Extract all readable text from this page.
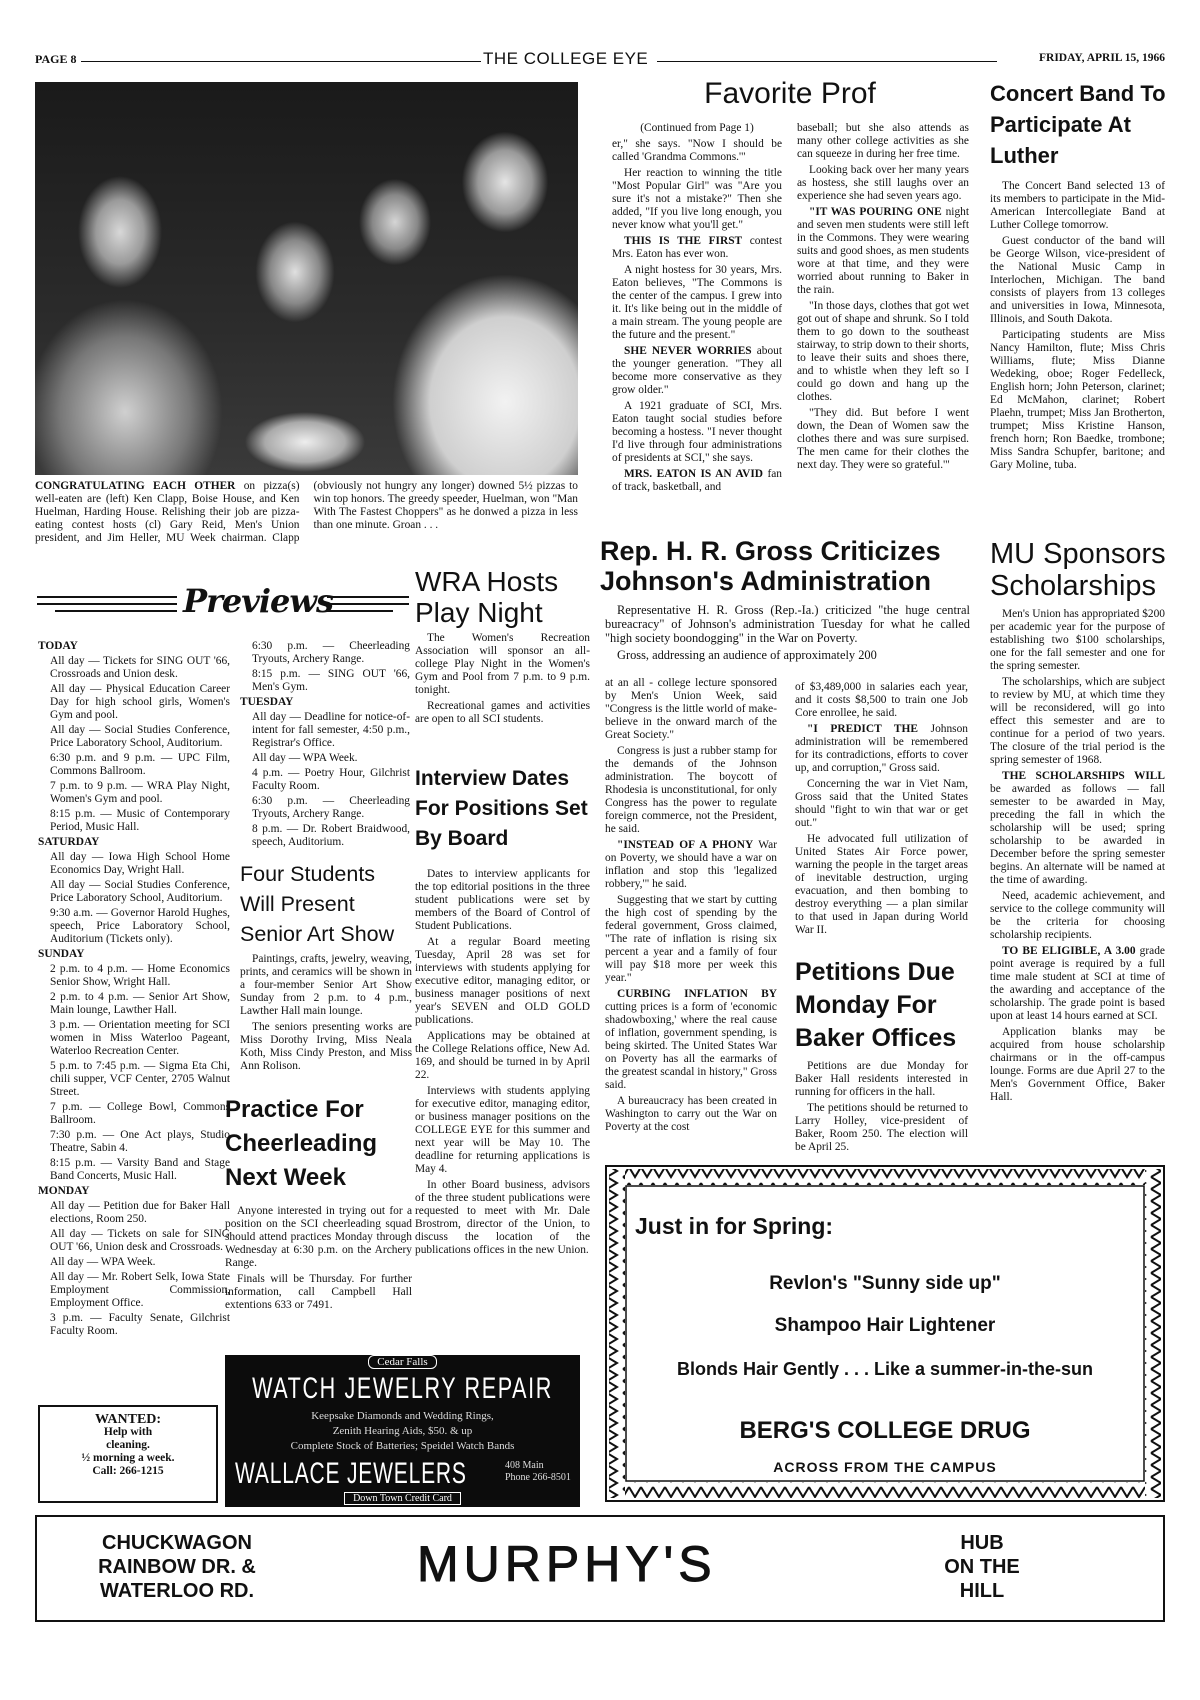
PAGE 8	THE COLLEGE EYE	FRIDAY, APRIL 15, 1966

CONGRATULATING EACH OTHER on pizza(s) well-eaten are (left) Ken Clapp, Boise House, and Ken Huelman, Harding House. Relishing their job are pizza-eating contest hosts (cl) Gary Reid, Men's Union president, and Jim Heller, MU Week chairman. Clapp (obviously not hungry any longer) downed 5½ pizzas to win top honors. The greedy speeder, Huelman, won "Man With The Fastest Choppers" as he donwed a pizza in less than one minute. Groan . . .

Favorite Prof

(Continued from Page 1)

er," she says. "Now I should be called 'Grandma Commons.'"

Her reaction to winning the title "Most Popular Girl" was "Are you sure it's not a mistake?" Then she added, "If you live long enough, you never know what you'll get."

THIS IS THE FIRST contest Mrs. Eaton has ever won.

A night hostess for 30 years, Mrs. Eaton believes, "The Commons is the center of the campus. I grew into it. It's like being out in the middle of a main stream. The young people are the future and the present."

SHE NEVER WORRIES about the younger generation. "They all become more conservative as they grow older."

A 1921 graduate of SCI, Mrs. Eaton taught social studies before becoming a hostess. "I never thought I'd live through four administrations of presidents at SCI," she says.

MRS. EATON IS AN AVID fan of track, basketball, and

baseball; but she also attends as many other college activities as she can squeeze in during her free time.

Looking back over her many years as hostess, she still laughs over an experience she had seven years ago.

"IT WAS POURING ONE night and seven men students were still left in the Commons. They were wearing suits and good shoes, as men students wore at that time, and they were worried about running to Baker in the rain.

"In those days, clothes that got wet got out of shape and shrunk. So I told them to go down to the southeast stairway, to strip down to their shorts, to leave their suits and shoes there, and to whistle when they left so I could go down and hang up the clothes.

"They did. But before I went down, the Dean of Women saw the clothes there and was sure surpised. The men came for their clothes the next day. They were so grateful.'"

Concert Band To Participate At Luther

The Concert Band selected 13 of its members to participate in the Mid-American Intercollegiate Band at Luther College tomorrow.

Guest conductor of the band will be George Wilson, vice-president of the National Music Camp in Interlochen, Michigan. The band consists of players from 13 colleges and universities in Iowa, Minnesota, Illinois, and South Dakota.

Participating students are Miss Nancy Hamilton, flute; Miss Chris Williams, flute; Miss Dianne Wedeking, oboe; Roger Fedelleck, English horn; John Peterson, clarinet; Ed McMahon, clarinet; Robert Plaehn, trumpet; Miss Jan Brotherton, trumpet; Miss Kristine Hanson, french horn; Ron Baedke, trombone; Miss Sandra Schupfer, baritone; and Gary Moline, tuba.

Previews
TODAY
All day — Tickets for SING OUT '66, Crossroads and Union desk.
All day — Physical Education Career Day for high school girls, Women's Gym and pool.
All day — Social Studies Conference, Price Laboratory School, Auditorium.
6:30 p.m. and 9 p.m. — UPC Film, Commons Ballroom.
7 p.m. to 9 p.m. — WRA Play Night, Women's Gym and pool.
8:15 p.m. — Music of Contemporary Period, Music Hall.
SATURDAY
All day — Iowa High School Home Economics Day, Wright Hall.
All day — Social Studies Conference, Price Laboratory School, Auditorium.
9:30 a.m. — Governor Harold Hughes, speech, Price Laboratory School, Auditorium (Tickets only).
SUNDAY
2 p.m. to 4 p.m. — Home Economics Senior Show, Wright Hall.
2 p.m. to 4 p.m. — Senior Art Show, Main lounge, Lawther Hall.
3 p.m. — Orientation meeting for SCI women in Miss Waterloo Pageant, Waterloo Recreation Center.
5 p.m. to 7:45 p.m. — Sigma Eta Chi, chili supper, VCF Center, 2705 Walnut Street.
7 p.m. — College Bowl, Commons Ballroom.
7:30 p.m. — One Act plays, Studio Theatre, Sabin 4.
8:15 p.m. — Varsity Band and Stage Band Concerts, Music Hall.
MONDAY
All day — Petition due for Baker Hall elections, Room 250.
All day — Tickets on sale for SING OUT '66, Union desk and Crossroads.
All day — WPA Week.
All day — Mr. Robert Selk, Iowa State Employment Commission, Employment Office.
3 p.m. — Faculty Senate, Gilchrist Faculty Room.
6:30 p.m. — Cheerleading Tryouts, Archery Range.
8:15 p.m. — SING OUT '66, Men's Gym.
TUESDAY
All day — Deadline for notice-of-intent for fall semester, 4:50 p.m., Registrar's Office.
All day — WPA Week.
4 p.m. — Poetry Hour, Gilchrist Faculty Room.
6:30 p.m. — Cheerleading Tryouts, Archery Range.
8 p.m. — Dr. Robert Braidwood, speech, Auditorium.
Four Students Will Present Senior Art Show

Paintings, crafts, jewelry, weaving, prints, and ceramics will be shown in a four-member Senior Art Show Sunday from 2 p.m. to 4 p.m., Lawther Hall main lounge.

The seniors presenting works are Miss Dorothy Irving, Miss Neala Koth, Miss Cindy Preston, and Miss Ann Rolison.

Practice For Cheerleading Next Week

Anyone interested in trying out for a position on the SCI cheerleading squad should attend practices Monday through Wednesday at 6:30 p.m. on the Archery Range.

Finals will be Thursday. For further information, call Campbell Hall extentions 633 or 7491.

WRA Hosts Play Night

The Women's Recreation Association will sponsor an all-college Play Night in the Women's Gym and Pool from 7 p.m. to 9 p.m. tonight.

Recreational games and activities are open to all SCI students.

Interview Dates For Positions Set By Board

Dates to interview applicants for the top editorial positions in the three student publications were set by members of the Board of Control of Student Publications.

At a regular Board meeting Tuesday, April 28 was set for interviews with students applying for executive editor, managing editor, or business manager positions of next year's SEVEN and OLD GOLD publications.

Applications may be obtained at the College Relations office, New Ad. 169, and should be turned in by April 22.

Interviews with students applying for executive editor, managing editor, or business manager positions on the COLLEGE EYE for this summer and next year will be May 10. The deadline for returning applications is May 4.

In other Board business, advisors of the three student publications were requested to meet with Mr. Dale Brostrom, director of the Union, to discuss the location of the publications offices in the new Union.

Rep. H. R. Gross Criticizes Johnson's Administration

Representative H. R. Gross (Rep.-Ia.) criticized "the huge central bureacracy" of Johnson's administration Tuesday for what he called "high society boondogging" in the War on Poverty.

Gross, addressing an audience of approximately 200

at an all - college lecture sponsored by Men's Union Week, said "Congress is the little world of make-believe in the onward march of the Great Society."

Congress is just a rubber stamp for the demands of the Johnson administration. The boycott of Rhodesia is unconstitutional, for only Congress has the power to regulate foreign commerce, not the President, he said.

"INSTEAD OF A PHONY War on Poverty, we should have a war on inflation and stop this 'legalized robbery,'" he said.

Suggesting that we start by cutting the high cost of spending by the federal government, Gross claimed, "The rate of inflation is rising six percent a year and a family of four will pay $18 more per week this year."

CURBING INFLATION BY cutting prices is a form of 'economic shadowboxing,' where the real cause of inflation, government spending, is being skirted. The United States War on Poverty has all the earmarks of the greatest scandal in history," Gross said.

A bureaucracy has been created in Washington to carry out the War on Poverty at the cost

of $3,489,000 in salaries each year, and it costs $8,500 to train one Job Core enrollee, he said.

"I PREDICT THE Johnson administration will be remembered for its contradictions, efforts to cover up, and corruption," Gross said.

Concerning the war in Viet Nam, Gross said that the United States should "fight to win that war or get out."

He advocated full utilization of United States Air Force power, warning the people in the target areas of inevitable destruction, urging evacuation, and then bombing to destroy everything — a plan similar to that used in Japan during World War II.

Petitions Due Monday For Baker Offices

Petitions are due Monday for Baker Hall residents interested in running for officers in the hall.

The petitions should be returned to Larry Holley, vice-president of Baker, Room 250. The election will be April 25.

MU Sponsors Scholarships

Men's Union has appropriated $200 per academic year for the purpose of establishing two $100 scholarships, one for the fall semester and one for the spring semester.

The scholarships, which are subject to review by MU, at which time they will be reconsidered, will go into effect this semester and are to continue for a period of two years. The closure of the trial period is the spring semester of 1968.

THE SCHOLARSHIPS WILL be awarded as follows — fall semester to be awarded in May, preceding the fall in which the scholarship will be used; spring scholarship to be awarded in December before the spring semester begins. An alternate will be named at the time of awarding.

Need, academic achievement, and service to the college community will be the criteria for choosing scholarship recipients.

TO BE ELIGIBLE, A 3.00 grade point average is required by a full time male student at SCI at time of the awarding and acceptance of the scholarship. The grade point is based upon at least 14 hours earned at SCI.

Application blanks may be acquired from house scholarship chairmans or in the off-campus lounge. Forms are due April 27 to the Men's Government Office, Baker Hall.

WANTED:
Help with
cleaning.
½ morning a week.
Call: 266-1215
Cedar Falls
WATCH JEWELRY REPAIR
Keepsake Diamonds and Wedding Rings,
Zenith Hearing Aids, $50. & up
Complete Stock of Batteries; Speidel Watch Bands
WALLACE JEWELERS	408 Main
Phone 266-8501
Down Town Credit Card
Just in for Spring:
Revlon's "Sunny side up"
Shampoo Hair Lightener
Blonds Hair Gently . . . Like a summer-in-the-sun
BERG'S COLLEGE DRUG
ACROSS FROM THE CAMPUS
CHUCKWAGON
RAINBOW DR. &
WATERLOO RD.	MURPHY'S	HUB
ON THE
HILL
